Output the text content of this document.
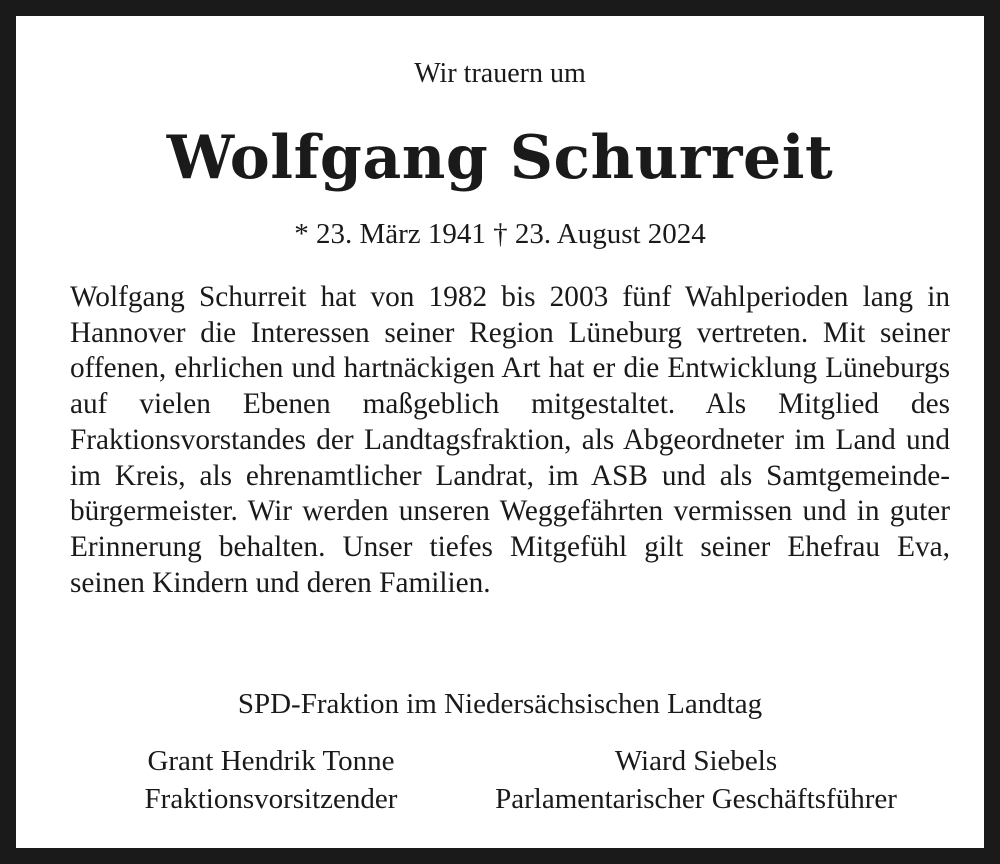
Wir trauern um
Wolfgang Schurreit
* 23. März 1941 † 23. August 2024
Wolfgang Schurreit hat von 1982 bis 2003 fünf Wahlperioden lang in Hannover die Interessen seiner Region Lüneburg vertreten. Mit seiner offenen, ehrlichen und hartnäckigen Art hat er die Entwicklung Lüneburgs auf vielen Ebenen maßgeblich mitgestaltet. Als Mitglied des Fraktionsvorstandes der Landtagsfraktion, als Abgeordneter im Land und im Kreis, als ehrenamtlicher Landrat, im ASB und als Samtgemeinde-bürgermeister. Wir werden unseren Weggefährten vermissen und in guter Erinnerung behalten. Unser tiefes Mitgefühl gilt seiner Ehefrau Eva, seinen Kindern und deren Familien.
SPD-Fraktion im Niedersächsischen Landtag
Grant Hendrik Tonne
Fraktionsvorsitzender
Wiard Siebels
Parlamentarischer Geschäftsführer
